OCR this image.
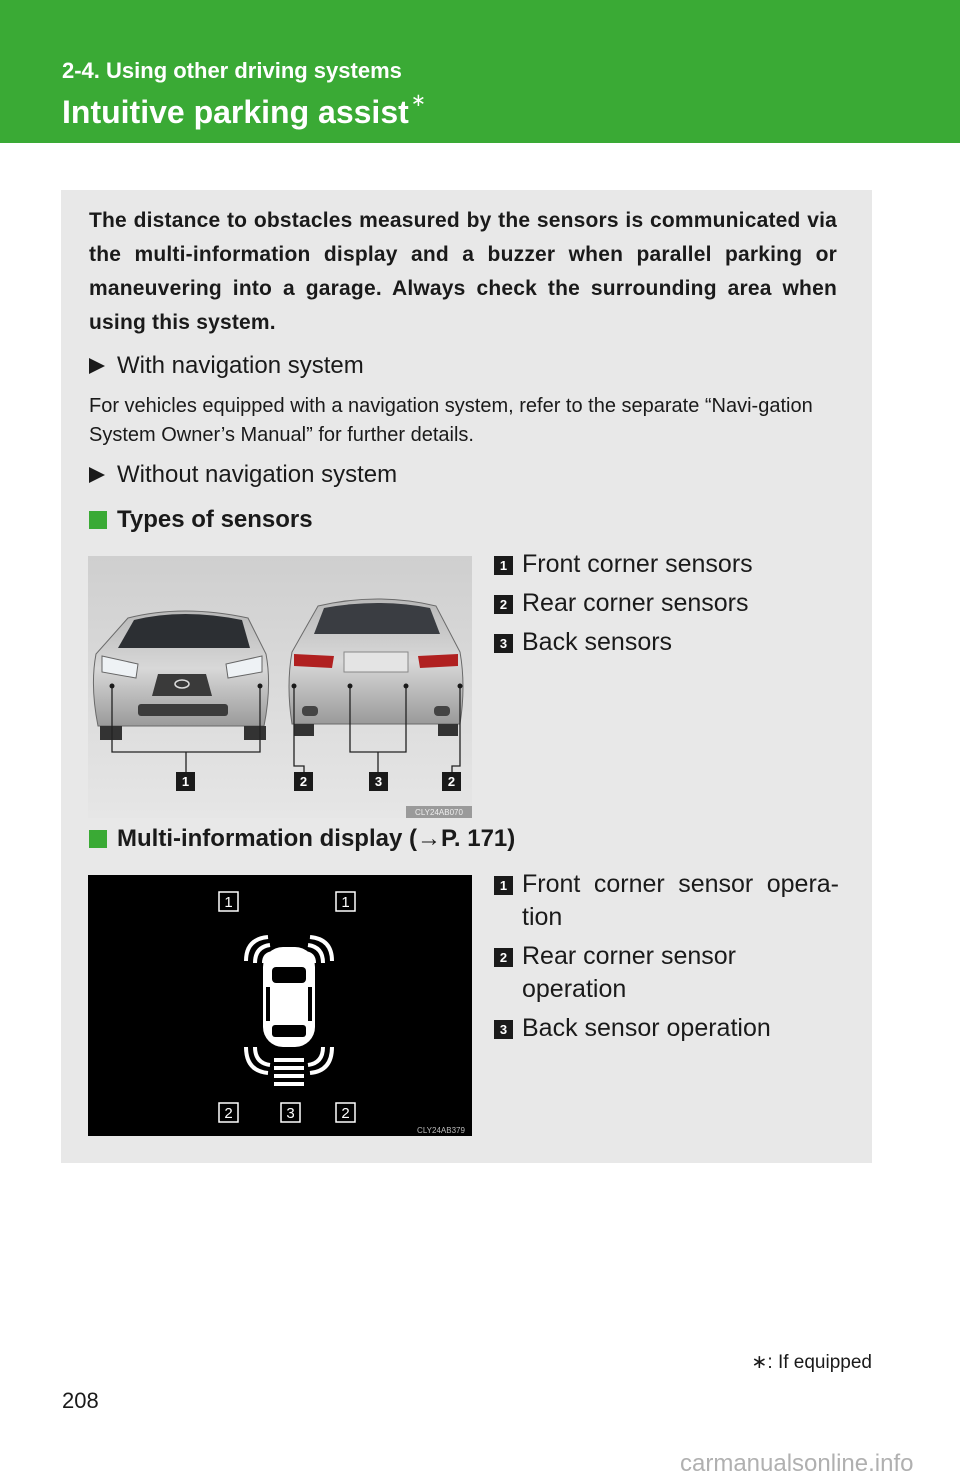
2-4. Using other driving systems
Intuitive parking assist ∗
The distance to obstacles measured by the sensors is communicated via the multi-information display and a buzzer when parallel parking or maneuvering into a garage. Always check the surrounding area when using this system.
With navigation system
For vehicles equipped with a navigation system, refer to the separate “Navi-gation System Owner’s Manual” for further details.
Without navigation system
Types of sensors
1	2	3	2
CLY24AB070
1 Front corner sensors
2 Rear corner sensors
3 Back sensors
Multi-information display (→P. 171)
1	1
2	3	2
CLY24AB379
1 Front corner sensor opera-tion
2 Rear corner sensor operation
3 Back sensor operation
∗: If equipped
208
carmanualsonline.info
